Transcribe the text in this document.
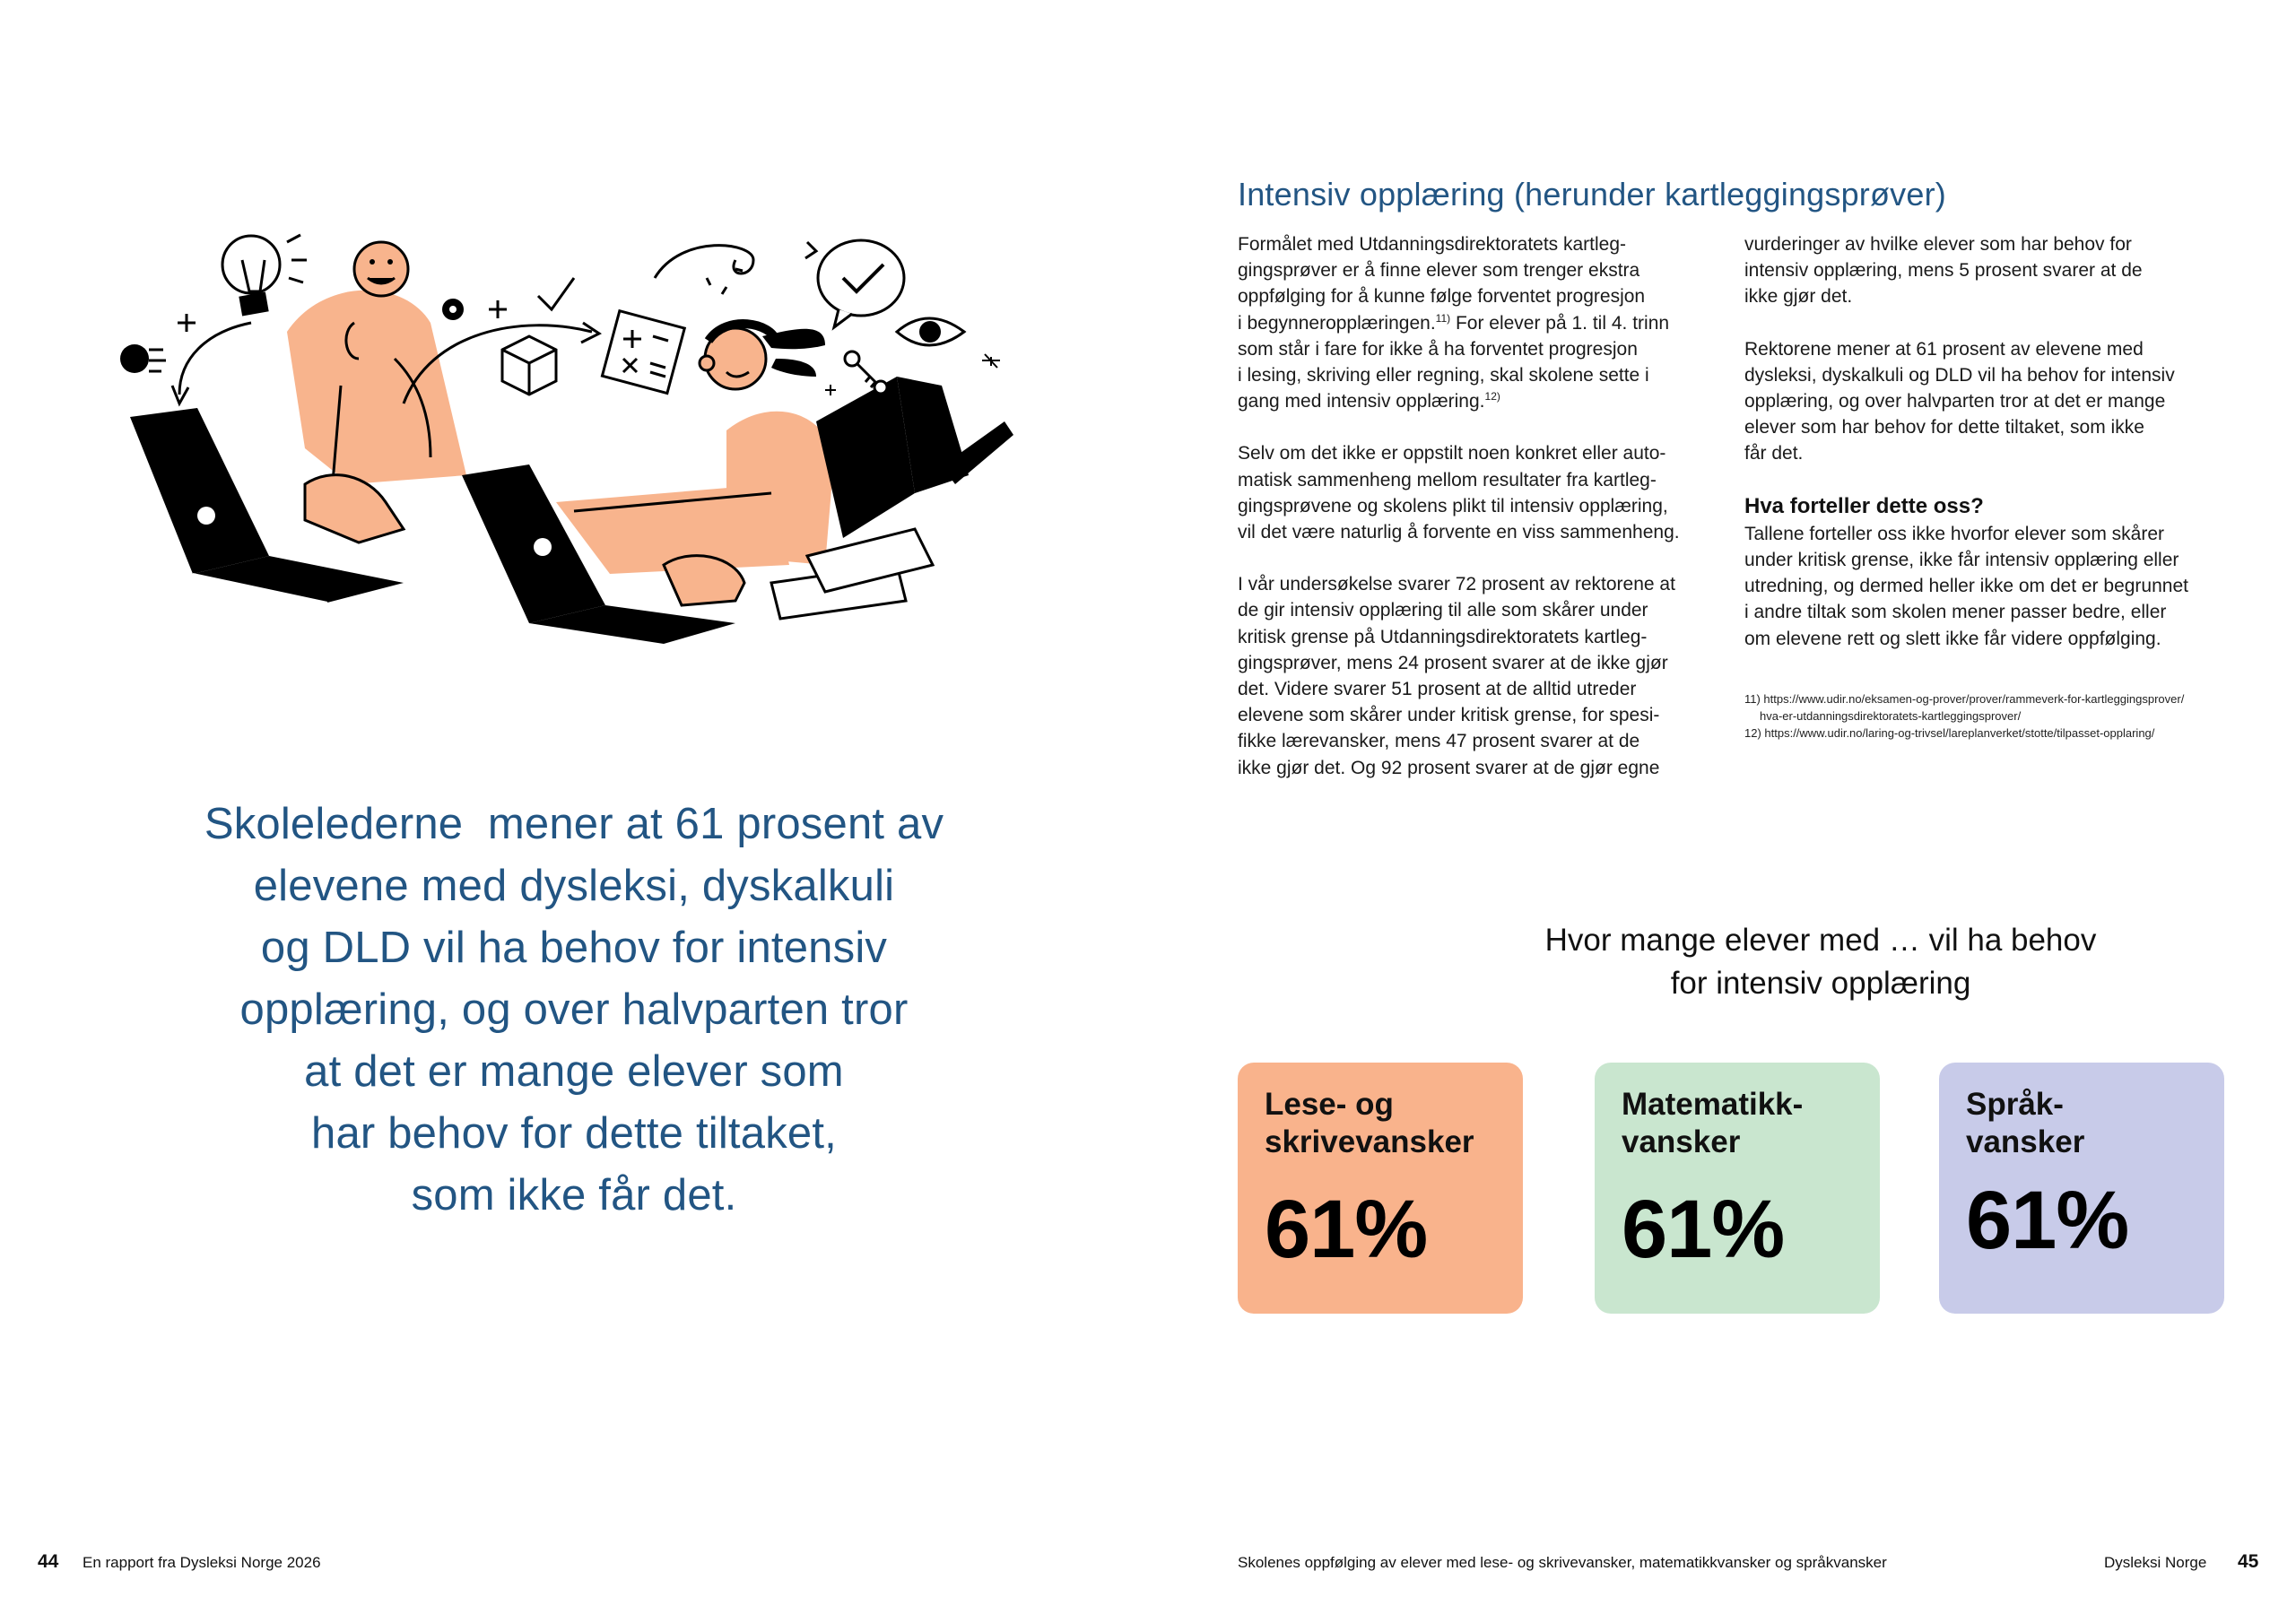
Skolelederne  mener at 61 prosent av
elevene med dysleksi, dyskalkuli
og DLD vil ha behov for intensiv
opplæring, og over halvparten tror
at det er mange elever som
har behov for dette tiltaket,
som ikke får det.
44 En rapport fra Dysleksi Norge 2026
Intensiv opplæring (herunder kartleggingsprøver)

Formålet med Utdanningsdirektoratets kartleg-
gingsprøver er å finne elever som trenger ekstra
oppfølging for å kunne følge forventet progresjon
i begynneropplæringen.$^{11)}$ For elever på 1. til 4. trinn
som står i fare for ikke å ha forventet progresjon
i lesing, skriving eller regning, skal skolene sette i
gang med intensiv opplæring.$^{12)}$

Selv om det ikke er oppstilt noen konkret eller auto-
matisk sammenheng mellom resultater fra kartleg-
gingsprøvene og skolens plikt til intensiv opplæring,
vil det være naturlig å forvente en viss sammenheng.

I vår undersøkelse svarer 72 prosent av rektorene at
de gir intensiv opplæring til alle som skårer under
kritisk grense på Utdanningsdirektoratets kartleg-
gingsprøver, mens 24 prosent svarer at de ikke gjør
det. Videre svarer 51 prosent at de alltid utreder
elevene som skårer under kritisk grense, for spesi-
fikke lærevansker, mens 47 prosent svarer at de
ikke gjør det. Og 92 prosent svarer at de gjør egne

vurderinger av hvilke elever som har behov for
intensiv opplæring, mens 5 prosent svarer at de
ikke gjør det.

Rektorene mener at 61 prosent av elevene med
dysleksi, dyskalkuli og DLD vil ha behov for intensiv
opplæring, og over halvparten tror at det er mange
elever som har behov for dette tiltaket, som ikke
får det.

Hva forteller dette oss?

Tallene forteller oss ikke hvorfor elever som skårer
under kritisk grense, ikke får intensiv opplæring eller
utredning, og dermed heller ikke om det er begrunnet
i andre tiltak som skolen mener passer bedre, eller
om elevene rett og slett ikke får videre oppfølging.

11) https://www.udir.no/eksamen-og-prover/prover/rammeverk-for-kartleggingsprover/
hva-er-utdanningsdirektoratets-kartleggingsprover/
12) https://www.udir.no/laring-og-trivsel/lareplanverket/stotte/tilpasset-opplaring/
Hvor mange elever med … vil ha behov
for intensiv opplæring
Lese- og
skrivevansker
61%
Matematikk-
vansker
61%
Språk-
vansker
61%
Skolenes oppfølging av elever med lese- og skrivevansker, matematikkvansker og språkvansker	Dysleksi Norge 45
